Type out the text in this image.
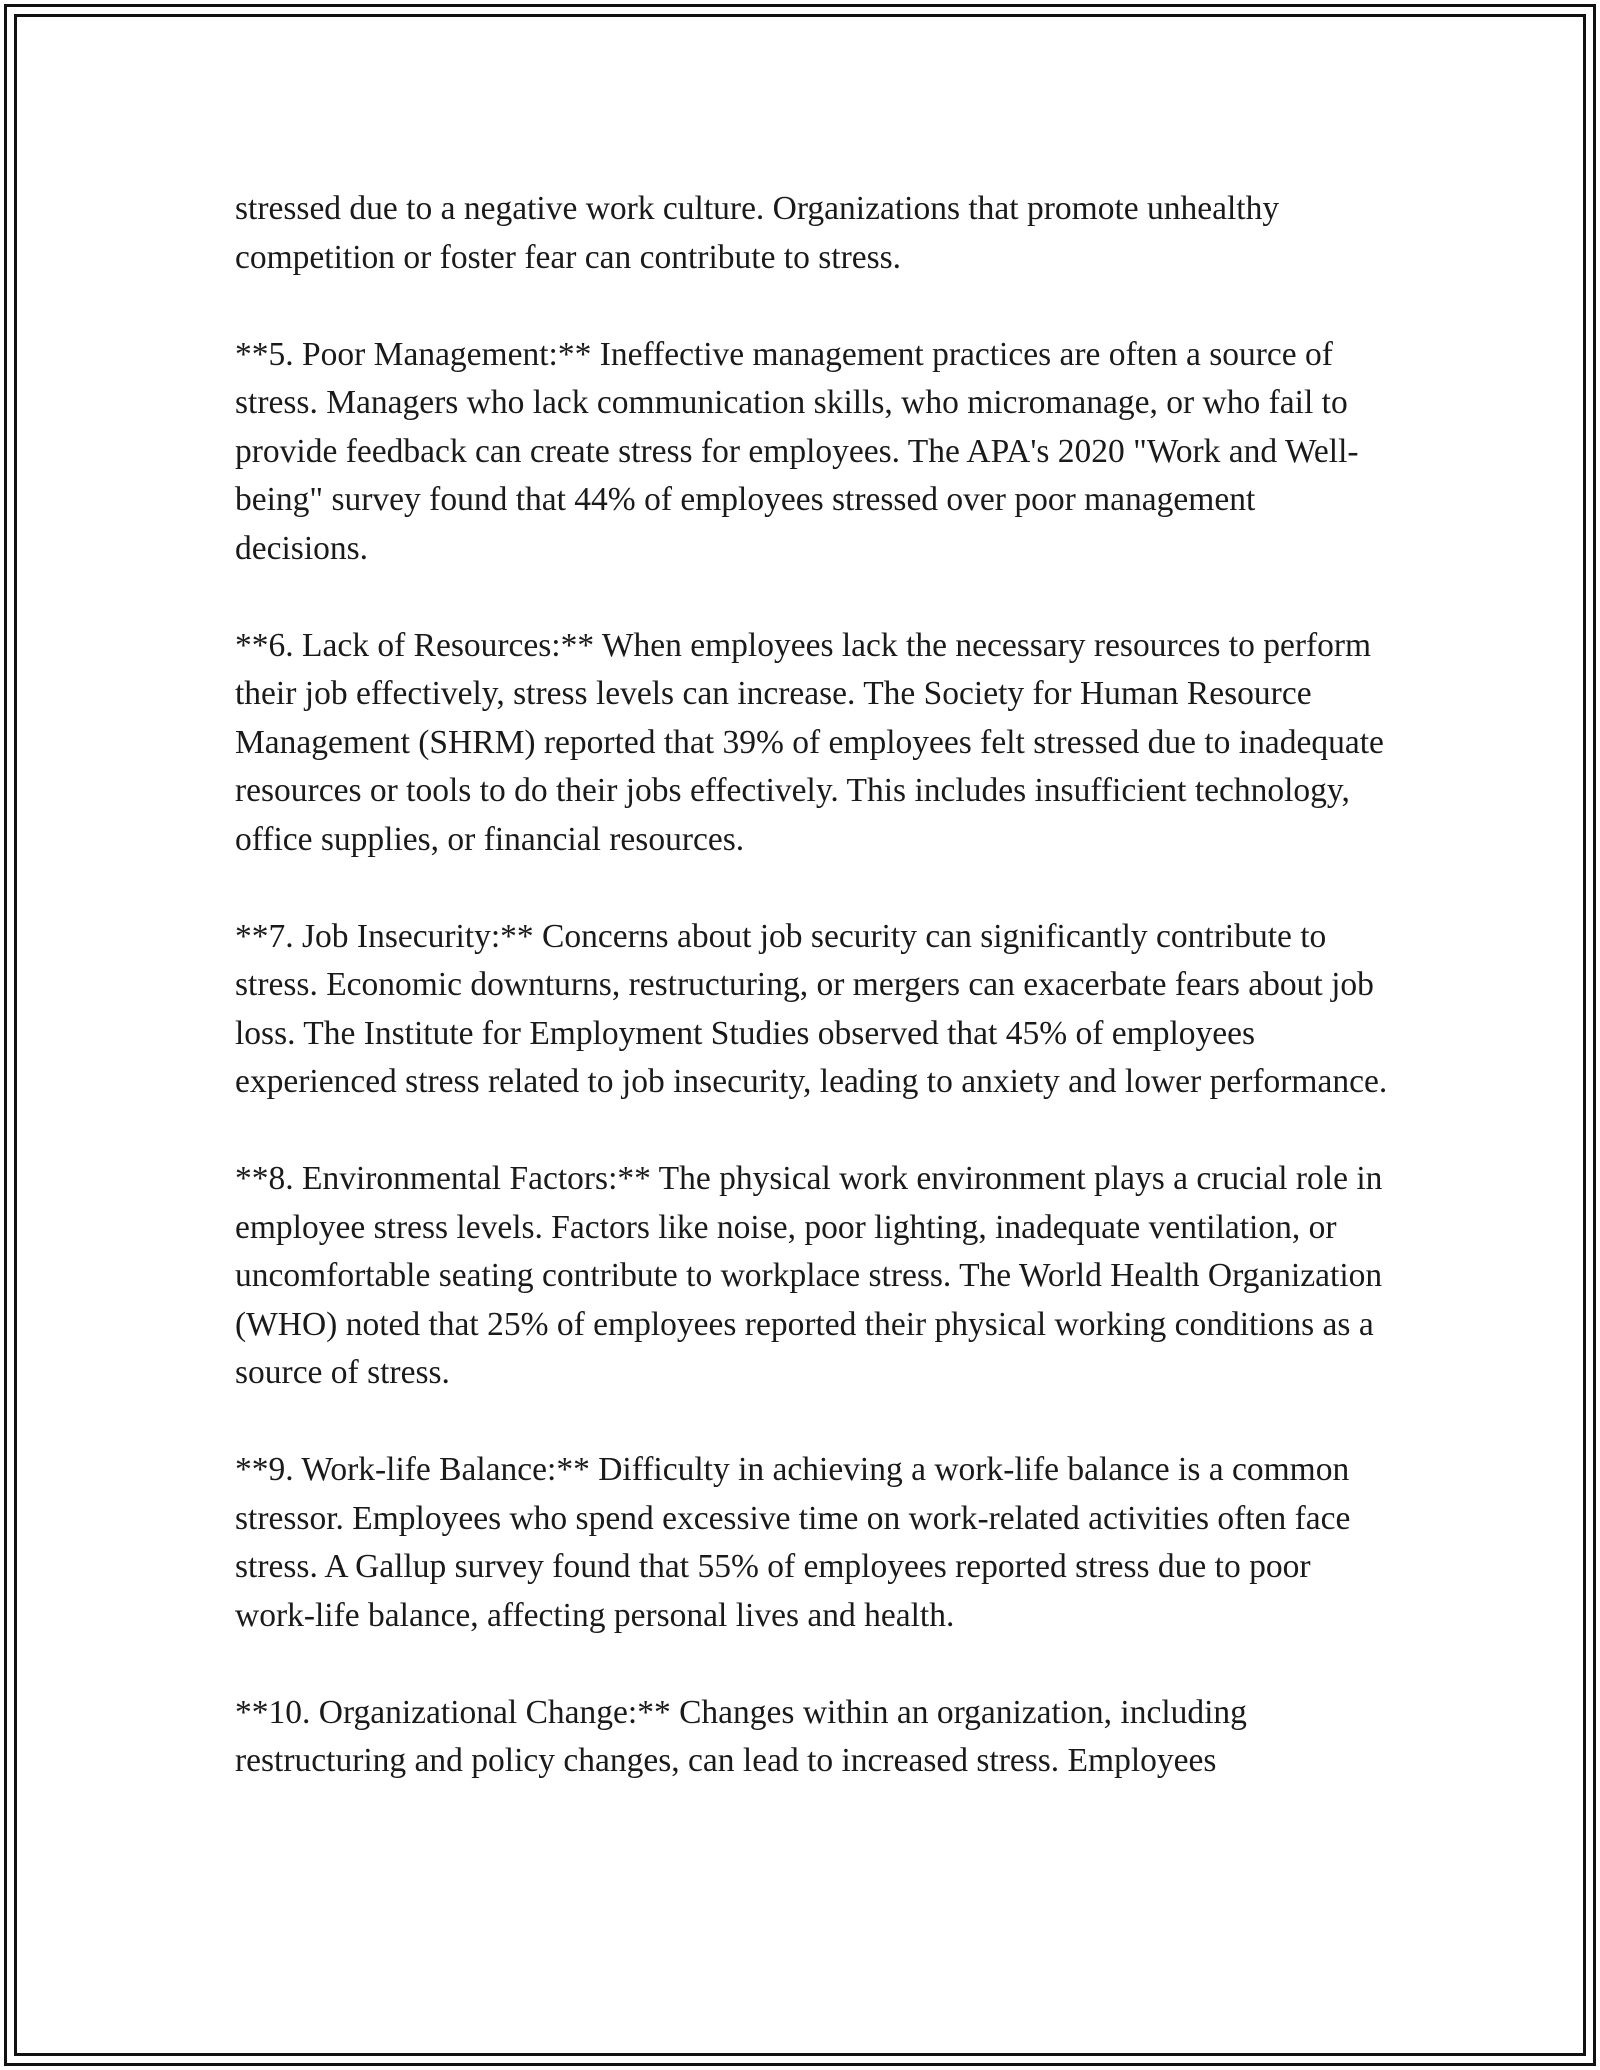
stressed due to a negative work culture. Organizations that promote unhealthy competition or foster fear can contribute to stress.

**5. Poor Management:** Ineffective management practices are often a source of stress. Managers who lack communication skills, who micromanage, or who fail to provide feedback can create stress for employees. The APA's 2020 "Work and Well-being" survey found that 44% of employees stressed over poor management decisions.

**6. Lack of Resources:** When employees lack the necessary resources to perform their job effectively, stress levels can increase. The Society for Human Resource Management (SHRM) reported that 39% of employees felt stressed due to inadequate resources or tools to do their jobs effectively. This includes insufficient technology, office supplies, or financial resources.

**7. Job Insecurity:** Concerns about job security can significantly contribute to stress. Economic downturns, restructuring, or mergers can exacerbate fears about job loss. The Institute for Employment Studies observed that 45% of employees experienced stress related to job insecurity, leading to anxiety and lower performance.

**8. Environmental Factors:** The physical work environment plays a crucial role in employee stress levels. Factors like noise, poor lighting, inadequate ventilation, or uncomfortable seating contribute to workplace stress. The World Health Organization (WHO) noted that 25% of employees reported their physical working conditions as a source of stress.

**9. Work-life Balance:** Difficulty in achieving a work-life balance is a common stressor. Employees who spend excessive time on work-related activities often face stress. A Gallup survey found that 55% of employees reported stress due to poor work-life balance, affecting personal lives and health.

**10. Organizational Change:** Changes within an organization, including restructuring and policy changes, can lead to increased stress. Employees
